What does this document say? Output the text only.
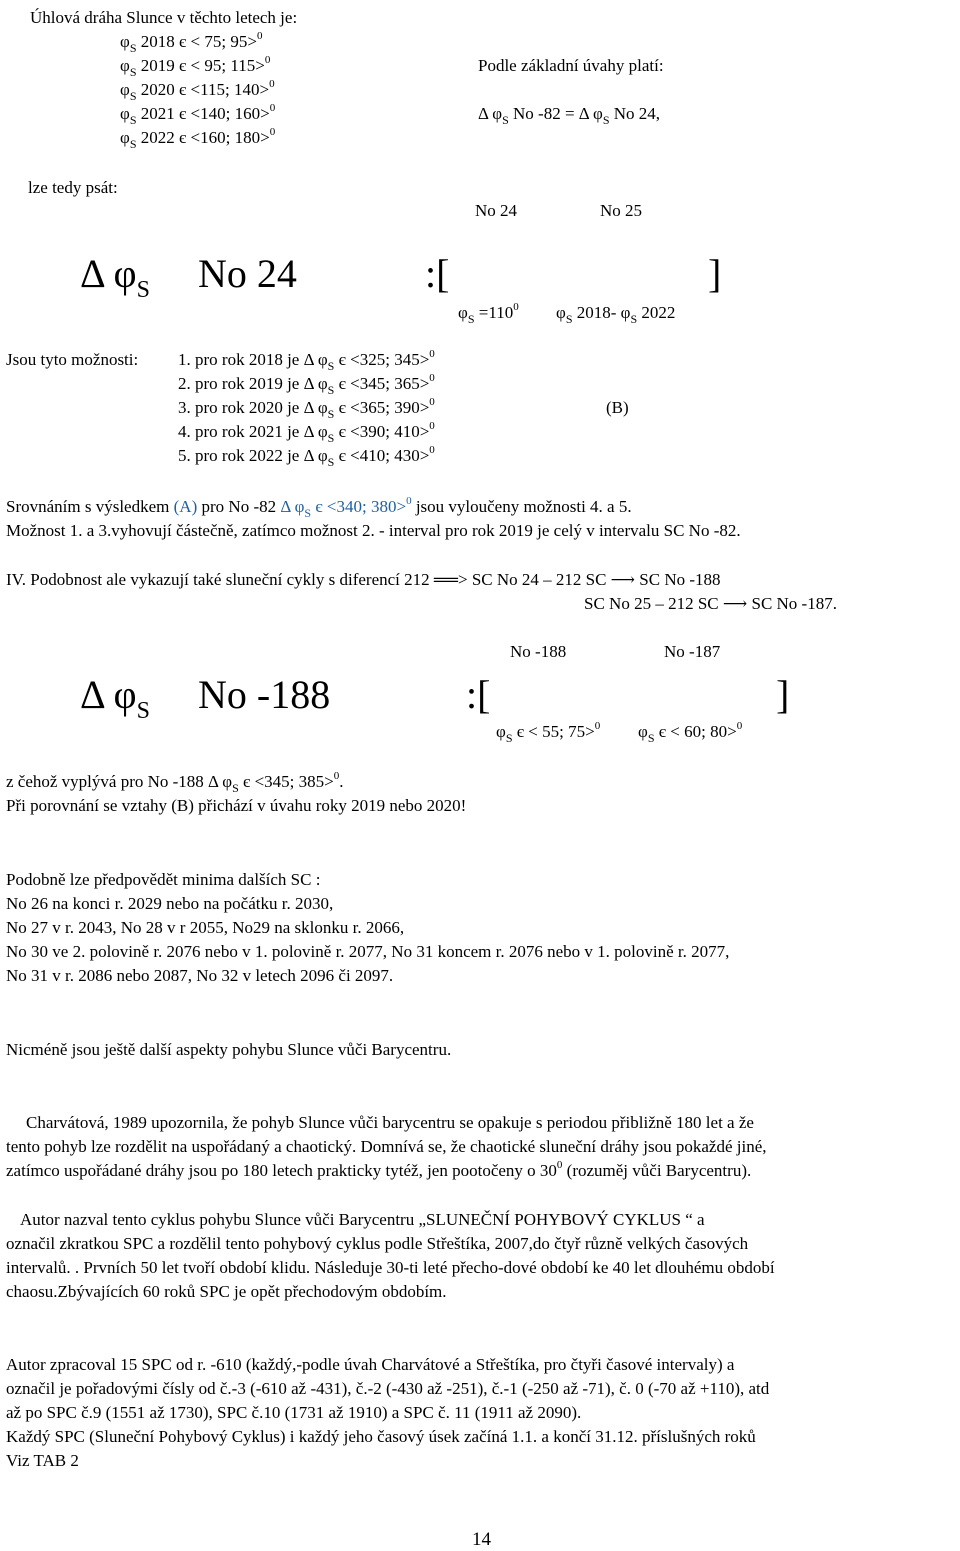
Úhlová dráha Slunce v těchto letech je:
$\varphi_S$ 2018 є < 75; 95>$^0$
$\varphi_S$ 2019 є < 95; 115>$^0$
$\varphi_S$ 2020 є <115; 140>$^0$
$\varphi_S$ 2021 є <140; 160>$^0$
$\varphi_S$ 2022 є <160; 180>$^0$
Podle základní úvahy platí:
Δ $\varphi_S$ No -82 = Δ $\varphi_S$ No 24,
lze tedy psát:
No 24	No 25
Δ $\varphi_S$ No 24	:[	]
$\varphi_S =110^0$ $\varphi_S$ 2018- $\varphi_S$ 2022
Jsou tyto možnosti: 1. pro rok 2018 je Δ $\varphi_S$ є <325; 345>$^0$
2. pro rok 2019 je Δ $\varphi_S$ є <345; 365>$^0$
3. pro rok 2020 je Δ $\varphi_S$ є <365; 390>$^0$
4. pro rok 2021 je Δ $\varphi_S$ є <390; 410>$^0$
5. pro rok 2022 je Δ $\varphi_S$ є <410; 430>$^0$
(B)
Srovnáním s výsledkem (A) pro No -82 Δ $\varphi_S$ є <340; 380>$^0$ jsou vyloučeny možnosti 4. a 5.
Možnost 1. a 3.vyhovují částečně, zatímco možnost 2. - interval pro rok 2019 je celý v intervalu SC No -82.
IV. Podobnost ale vykazují také sluneční cykly s diferencí 212 ══> SC No 24 – 212 SC ⟶ SC No -188
SC No 25 – 212 SC ⟶ SC No -187.
No -188	No -187
Δ $\varphi_S$ No -188	:[	]
$\varphi_S$ є < 55; 75>$^0$ $\varphi_S$ є < 60; 80>$^0$
z čehož vyplývá pro No -188 Δ $\varphi_S$ є <345; 385>$^0$.
Při porovnání se vztahy (B) přichází v úvahu roky 2019 nebo 2020!
Podobně lze předpovědět minima dalších SC :
No 26 na konci r. 2029 nebo na počátku r. 2030,
No 27 v r. 2043, No 28 v r 2055, No29 na sklonku r. 2066,
No 30 ve 2. polovině r. 2076 nebo v 1. polovině r. 2077, No 31 koncem r. 2076 nebo v 1. polovině r. 2077,
No 31 v r. 2086 nebo 2087, No 32 v letech 2096 či 2097.
Nicméně jsou ještě další aspekty pohybu Slunce vůči Barycentru.
Charvátová, 1989 upozornila, že pohyb Slunce vůči barycentru se opakuje s periodou přibližně 180 let a že
tento pohyb lze rozdělit na uspořádaný a chaotický. Domnívá se, že chaotické sluneční dráhy jsou pokaždé jiné,
zatímco uspořádané dráhy jsou po 180 letech prakticky tytéž, jen pootočeny o $30^0$ (rozuměj vůči Barycentru).
Autor nazval tento cyklus pohybu Slunce vůči Barycentru „SLUNEČNÍ POHYBOVÝ CYKLUS “ a
označil zkratkou SPC a rozdělil tento pohybový cyklus podle Střeštíka, 2007,do čtyř různě velkých časových
intervalů. . Prvních 50 let tvoří období klidu. Následuje 30-ti leté přecho-dové období ke 40 let dlouhému období
chaosu.Zbývajících 60 roků SPC je opět přechodovým obdobím.
Autor zpracoval 15 SPC od r. -610 (každý,-podle úvah Charvátové a Střeštíka, pro čtyři časové intervaly) a
označil je pořadovými čísly od č.-3 (-610 až -431), č.-2 (-430 až -251), č.-1 (-250 až -71), č. 0 (-70 až +110), atd
až po SPC č.9 (1551 až 1730), SPC č.10 (1731 až 1910) a SPC č. 11 (1911 až 2090).
Každý SPC (Sluneční Pohybový Cyklus) i každý jeho časový úsek začíná 1.1. a končí 31.12. příslušných roků
Viz TAB 2
14
